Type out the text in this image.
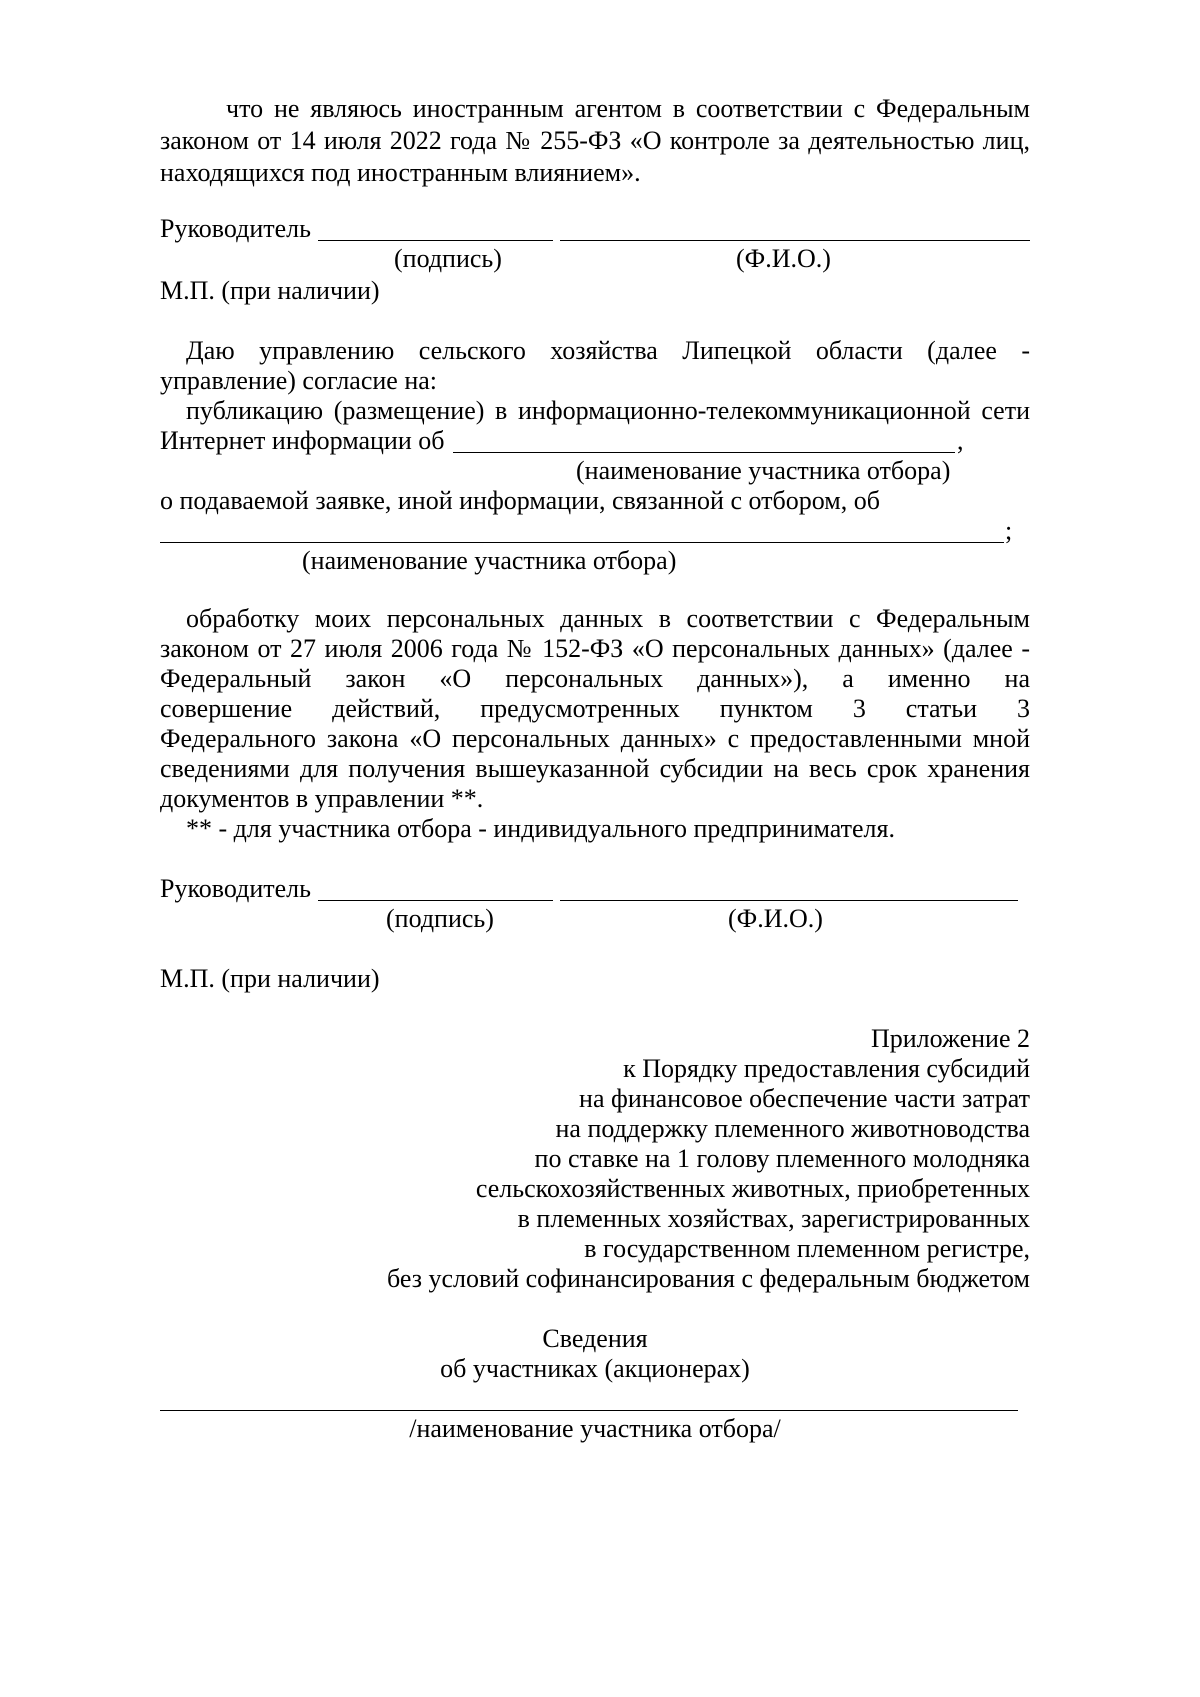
что не являюсь иностранным агентом в соответствии с Федеральным
законом от 14 июля 2022 года № 255-ФЗ «О контроле за деятельностью лиц,
находящихся под иностранным влиянием».
Руководитель
(подпись)	(Ф.И.О.)
М.П. (при наличии)
Даю управлению сельского хозяйства Липецкой области (далее -
управление) согласие на:
публикацию (размещение) в информационно-телекоммуникационной сети
Интернет информации об	,
(наименование участника отбора)
о подаваемой заявке, иной информации, связанной с отбором, об
;
(наименование участника отбора)
обработку моих персональных данных в соответствии с Федеральным
законом от 27 июля 2006 года № 152-ФЗ «О персональных данных» (далее -
Федеральный закон «О персональных данных»), а именно на
совершение действий, предусмотренных пунктом 3 статьи 3
Федерального закона «О персональных данных» с предоставленными мной
сведениями для получения вышеуказанной субсидии на весь срок хранения
документов в управлении **.
** - для участника отбора - индивидуального предпринимателя.
Руководитель
(подпись)	(Ф.И.О.)
М.П. (при наличии)
Приложение 2
к Порядку предоставления субсидий
на финансовое обеспечение части затрат
на поддержку племенного животноводства
по ставке на 1 голову племенного молодняка
сельскохозяйственных животных, приобретенных
в племенных хозяйствах, зарегистрированных
в государственном племенном регистре,
без условий софинансирования с федеральным бюджетом
Сведения
об участниках (акционерах)
/наименование участника отбора/
